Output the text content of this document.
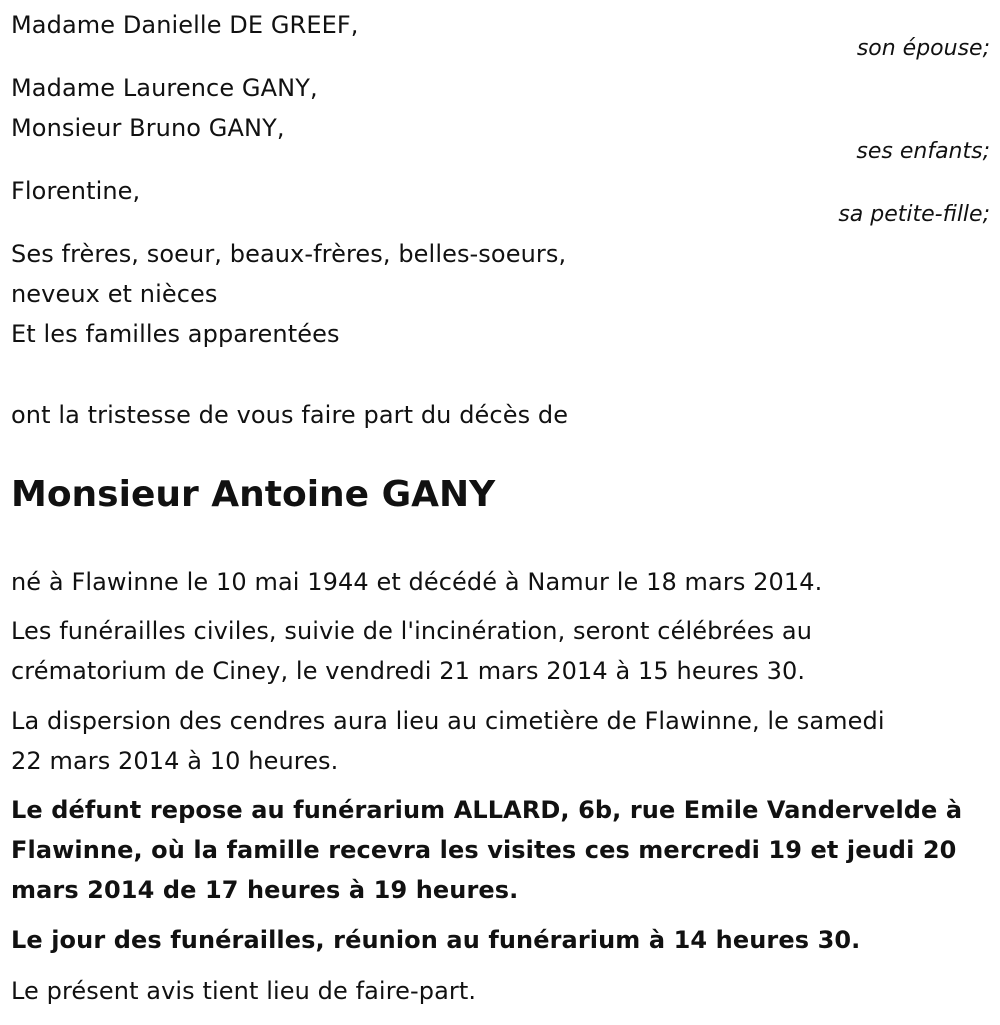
Madame Danielle DE GREEF,
son épouse;
Madame Laurence GANY,
Monsieur Bruno GANY,
ses enfants;
Florentine,
sa petite-fille;
Ses frères, soeur, beaux-frères, belles-soeurs,
neveux et nièces
Et les familles apparentées
ont la tristesse de vous faire part du décès de
Monsieur Antoine GANY
né à Flawinne le 10 mai 1944 et décédé à Namur le 18 mars 2014.
Les funérailles civiles, suivie de l'incinération, seront célébrées au
crématorium de Ciney, le vendredi 21 mars 2014 à 15 heures 30.
La dispersion des cendres aura lieu au cimetière de Flawinne, le samedi
22 mars 2014 à 10 heures.
Le défunt repose au funérarium ALLARD, 6b, rue Emile Vandervelde à
Flawinne, où la famille recevra les visites ces mercredi 19 et jeudi 20
mars 2014 de 17 heures à 19 heures.
Le jour des funérailles, réunion au funérarium à 14 heures 30.
Le présent avis tient lieu de faire-part.
